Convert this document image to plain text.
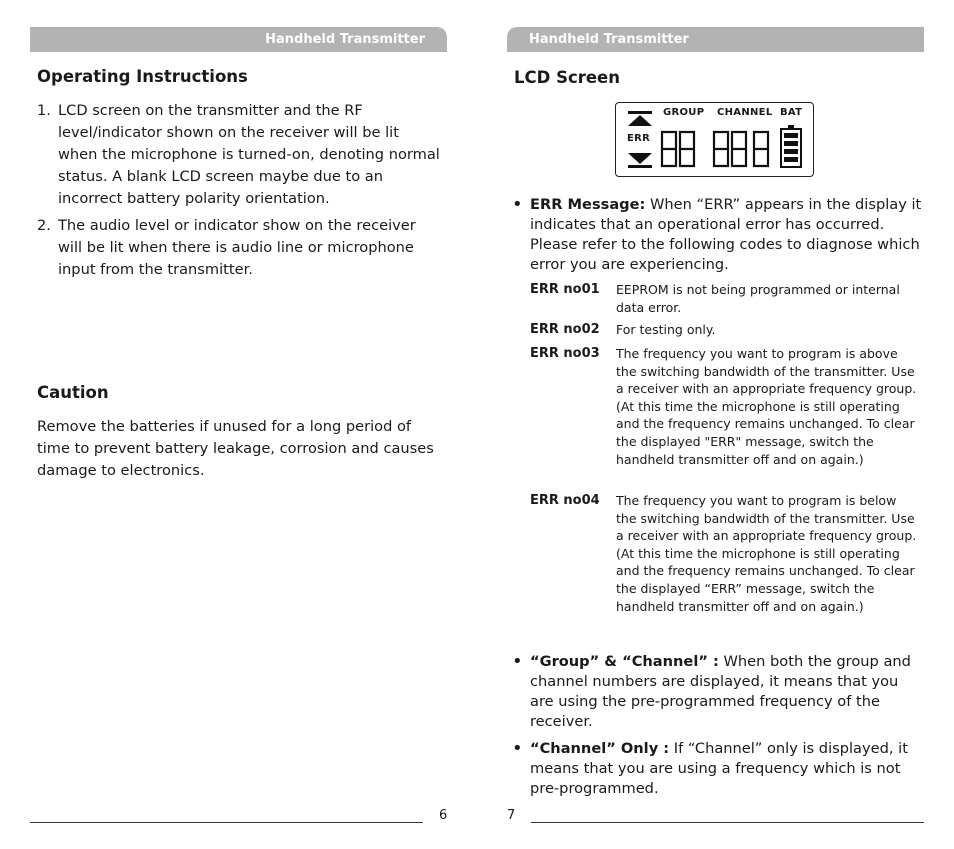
Handheld Transmitter
Operating Instructions
1. LCD screen on the transmitter and the RF level/indicator shown on the receiver will be lit when the microphone is turned-on, denoting normal status. A blank LCD screen maybe due to an incorrect battery polarity orientation.
2. The audio level or indicator show on the receiver will be lit when there is audio line or microphone input from the transmitter.
Caution

Remove the batteries if unused for a long period of time to prevent battery leakage, corrosion and causes damage to electronics.

6
Handheld Transmitter
LCD Screen
GROUP CHANNEL BAT
ERR
• ERR Message: When “ERR” appears in the display it indicates that an operational error has occurred. Please refer to the following codes to diagnose which error you are experiencing.
ERR no01 EEPROM is not being programmed or internal data error.
ERR no02 For testing only.
ERR no03 The frequency you want to program is above the switching bandwidth of the transmitter. Use a receiver with an appropriate frequency group. (At this time the microphone is still operating and the frequency remains unchanged. To clear the displayed "ERR" message, switch the handheld transmitter off and on again.)
ERR no04 The frequency you want to program is below the switching bandwidth of the transmitter. Use a receiver with an appropriate frequency group. (At this time the microphone is still operating and the frequency remains unchanged. To clear the displayed “ERR” message, switch the handheld transmitter off and on again.)
• “Group” & “Channel” : When both the group and channel numbers are displayed, it means that you are using the pre-programmed frequency of the receiver.
• “Channel” Only : If “Channel” only is displayed, it means that you are using a frequency which is not pre-programmed.
7
